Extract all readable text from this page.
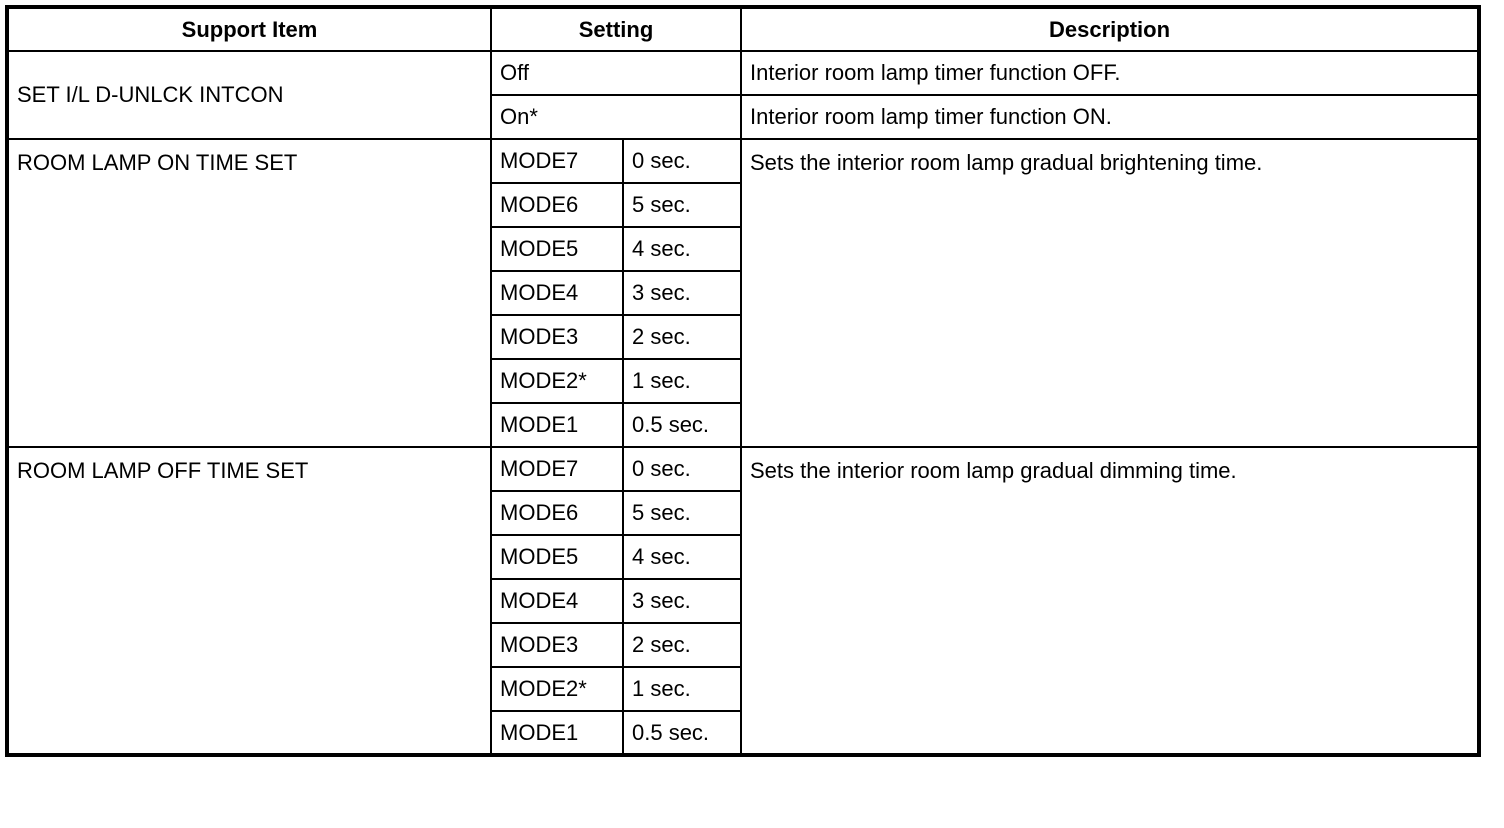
Support Item	Setting		Description
SET I/L D-UNLCK INTCON	Off		Interior room lamp timer function OFF.
	On*		Interior room lamp timer function ON.
ROOM LAMP ON TIME SET	MODE7	0 sec.	Sets the interior room lamp gradual brightening time.
	MODE6	5 sec.	
	MODE5	4 sec.	
	MODE4	3 sec.	
	MODE3	2 sec.	
	MODE2*	1 sec.	
	MODE1	0.5 sec.	
ROOM LAMP OFF TIME SET	MODE7	0 sec.	Sets the interior room lamp gradual dimming time.
	MODE6	5 sec.	
	MODE5	4 sec.	
	MODE4	3 sec.	
	MODE3	2 sec.	
	MODE2*	1 sec.	
	MODE1	0.5 sec.	
